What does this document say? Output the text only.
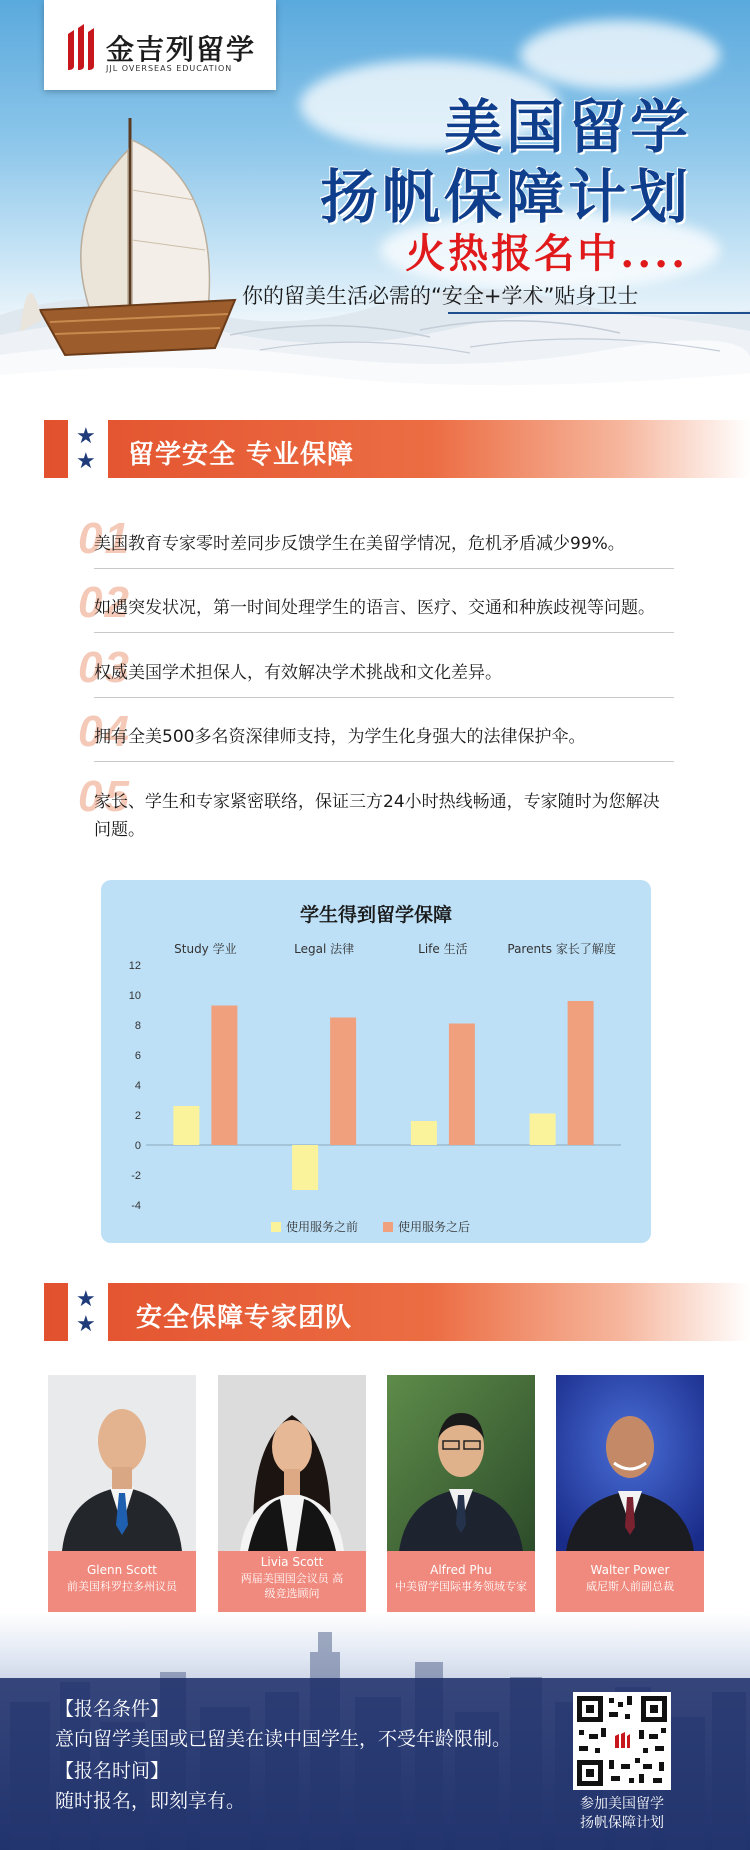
金吉列留学
JJL OVERSEAS EDUCATION
美国留学
扬帆保障计划
火热报名中....
你的留美生活必需的“安全+学术”贴身卫士
★
★ 留学安全 专业保障
01
美国教育专家零时差同步反馈学生在美留学情况，危机矛盾减少99%。
02
如遇突发状况，第一时间处理学生的语言、医疗、交通和种族歧视等问题。
03
权威美国学术担保人，有效解决学术挑战和文化差异。
04
拥有全美500多名资深律师支持，为学生化身强大的法律保护伞。
05
家长、学生和专家紧密联络，保证三方24小时热线畅通，专家随时为您解决问题。
学生得到留学保障
-4
-2
0
2
4
6
8
10
12
Study 学业	Legal 法律	Life 生活	Parents 家长了解度
使用服务之前	使用服务之后
★
★ 安全保障专家团队
Glenn Scott
前美国科罗拉多州议员
Livia Scott
两届美国国会议员 高级竞选顾问
Alfred Phu
中美留学国际事务领域专家
Walter Power
威尼斯人前副总裁
【报名条件】
意向留学美国或已留美在读中国学生，不受年龄限制。
【报名时间】
随时报名，即刻享有。	参加美国留学
扬帆保障计划
